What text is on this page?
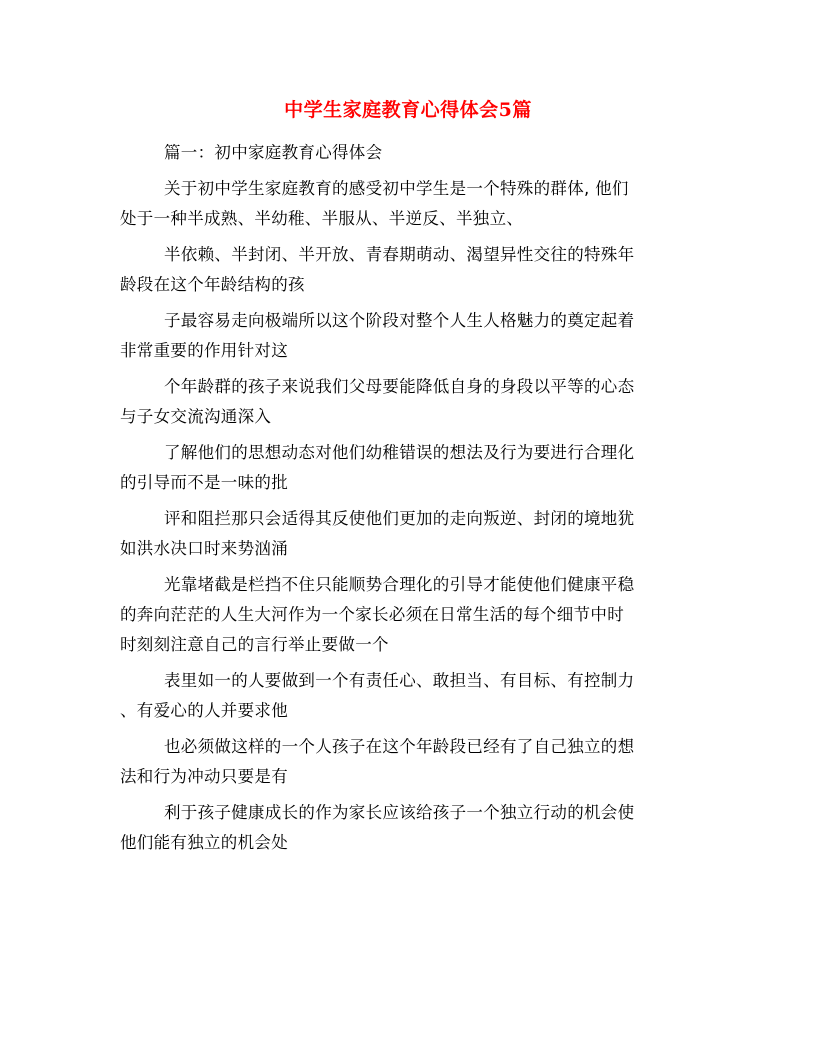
中学生家庭教育心得体会5篇
篇一：初中家庭教育心得体会
关于初中学生家庭教育的感受初中学生是一个特殊的群体, 他们
处于一种半成熟、半幼稚、半服从、半逆反、半独立、
半依赖、半封闭、半开放、青春期萌动、渴望异性交往的特殊年
龄段在这个年龄结构的孩
子最容易走向极端所以这个阶段对整个人生人格魅力的奠定起着
非常重要的作用针对这
个年龄群的孩子来说我们父母要能降低自身的身段以平等的心态
与子女交流沟通深入
了解他们的思想动态对他们幼稚错误的想法及行为要进行合理化
的引导而不是一味的批
评和阻拦那只会适得其反使他们更加的走向叛逆、封闭的境地犹
如洪水决口时来势汹涌
光靠堵截是栏挡不住只能顺势合理化的引导才能使他们健康平稳
的奔向茫茫的人生大河作为一个家长必须在日常生活的每个细节中时
时刻刻注意自己的言行举止要做一个
表里如一的人要做到一个有责任心、敢担当、有目标、有控制力
、有爱心的人并要求他
也必须做这样的一个人孩子在这个年龄段已经有了自己独立的想
法和行为冲动只要是有
利于孩子健康成长的作为家长应该给孩子一个独立行动的机会使
他们能有独立的机会处
